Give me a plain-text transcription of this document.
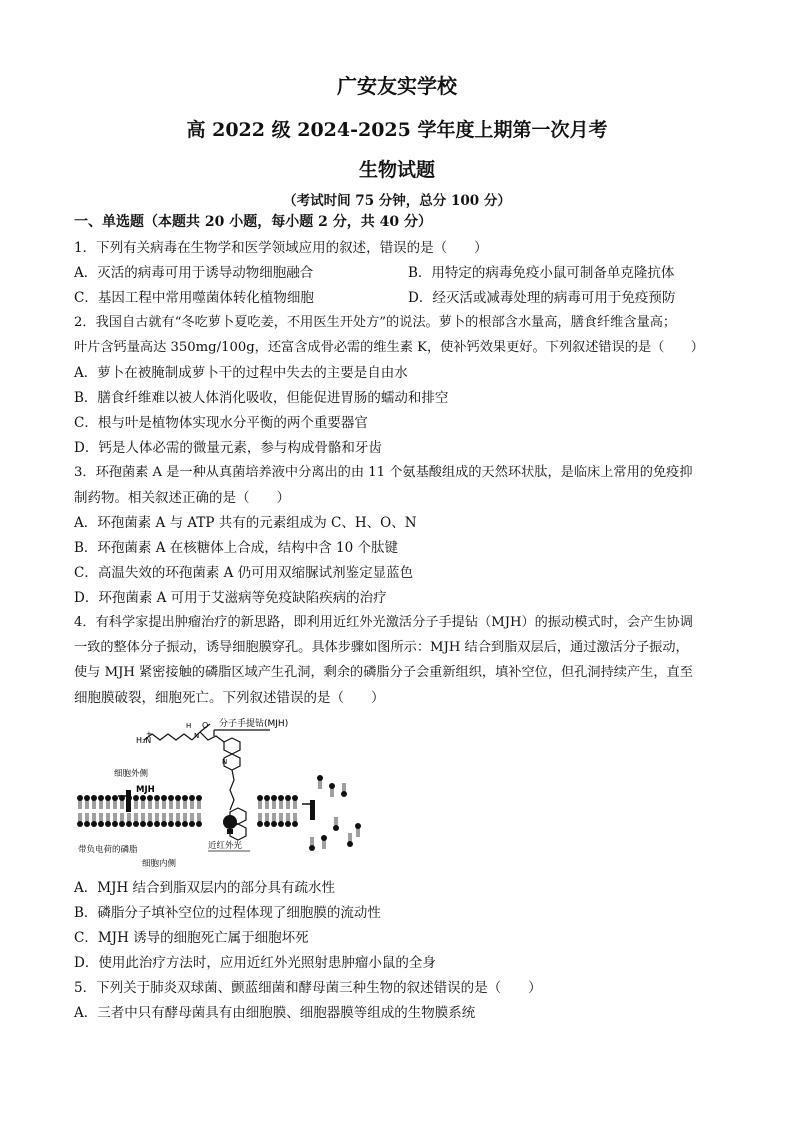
广安友实学校
高 2022 级 2024-2025 学年度上期第一次月考
生物试题
（考试时间 75 分钟，总分 100 分）
一、单选题（本题共 20 小题，每小题 2 分，共 40 分）
1．下列有关病毒在生物学和医学领域应用的叙述，错误的是（　　）
A．灭活的病毒可用于诱导动物细胞融合	B．用特定的病毒免疫小鼠可制备单克隆抗体
C．基因工程中常用噬菌体转化植物细胞	D．经灭活或减毒处理的病毒可用于免疫预防
2．我国自古就有“冬吃萝卜夏吃姜，不用医生开处方”的说法。萝卜的根部含水量高，膳食纤维含量高；
叶片含钙量高达 350mg/100g，还富含成骨必需的维生素 K，使补钙效果更好。下列叙述错误的是（　　）
A．萝卜在被腌制成萝卜干的过程中失去的主要是自由水
B．膳食纤维难以被人体消化吸收，但能促进胃肠的蠕动和排空
C．根与叶是植物体实现水分平衡的两个重要器官
D．钙是人体必需的微量元素，参与构成骨骼和牙齿
3．环孢菌素 A 是一种从真菌培养液中分离出的由 11 个氨基酸组成的天然环状肽，是临床上常用的免疫抑
制药物。相关叙述正确的是（　　）
A．环孢菌素 A 与 ATP 共有的元素组成为 C、H、O、N
B．环孢菌素 A 在核糖体上合成，结构中含 10 个肽键
C．高温失效的环孢菌素 A 仍可用双缩脲试剂鉴定显蓝色
D．环孢菌素 A 可用于艾滋病等免疫缺陷疾病的治疗
4．有科学家提出肿瘤治疗的新思路，即利用近红外光激活分子手提钻（MJH）的振动模式时，会产生协调
一致的整体分子振动，诱导细胞膜穿孔。具体步骤如图所示：MJH 结合到脂双层后，通过激活分子振动，
使与 MJH 紧密接触的磷脂区域产生孔洞，剩余的磷脂分子会重新组织，填补空位，但孔洞持续产生，直至
细胞膜破裂，细胞死亡。下列叙述错误的是（　　）
H₃N
+
O
H
N
N
分子手提钻(MJH)
细胞外侧
MJH
近红外光
带负电荷的磷脂
细胞内侧
A．MJH 结合到脂双层内的部分具有疏水性
B．磷脂分子填补空位的过程体现了细胞膜的流动性
C．MJH 诱导的细胞死亡属于细胞坏死
D．使用此治疗方法时，应用近红外光照射患肿瘤小鼠的全身
5．下列关于肺炎双球菌、颤蓝细菌和酵母菌三种生物的叙述错误的是（　　）
A．三者中只有酵母菌具有由细胞膜、细胞器膜等组成的生物膜系统
